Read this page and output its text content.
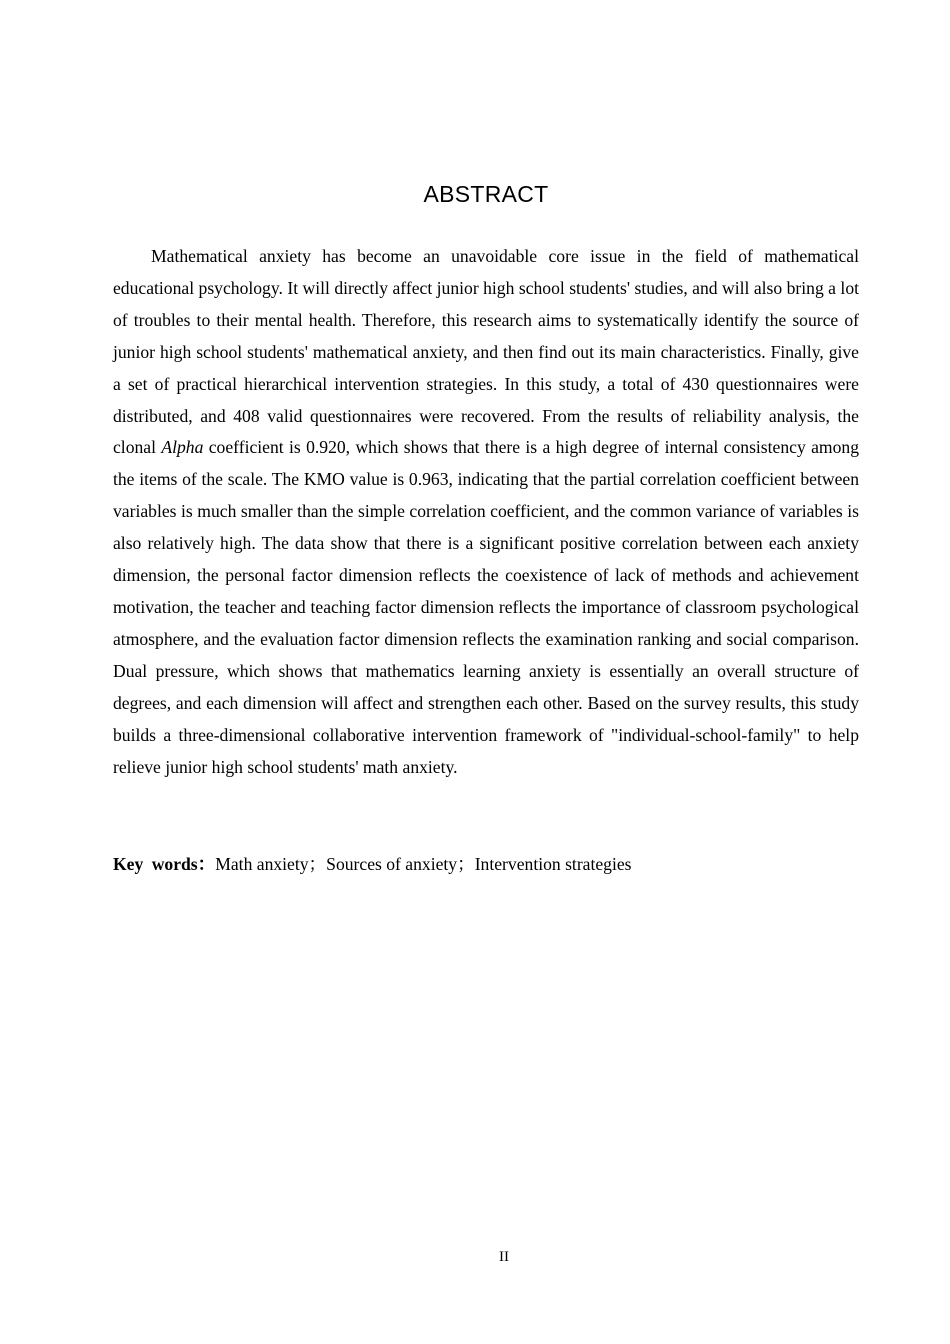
ABSTRACT

Mathematical anxiety has become an unavoidable core issue in the field of mathematical educational psychology. It will directly affect junior high school students' studies, and will also bring a lot of troubles to their mental health. Therefore, this research aims to systematically identify the source of junior high school students' mathematical anxiety, and then find out its main characteristics. Finally, give a set of practical hierarchical intervention strategies. In this study, a total of 430 questionnaires were distributed, and 408 valid questionnaires were recovered. From the results of reliability analysis, the clonal Alpha coefficient is 0.920, which shows that there is a high degree of internal consistency among the items of the scale. The KMO value is 0.963, indicating that the partial correlation coefficient between variables is much smaller than the simple correlation coefficient, and the common variance of variables is also relatively high. The data show that there is a significant positive correlation between each anxiety dimension, the personal factor dimension reflects the coexistence of lack of methods and achievement motivation, the teacher and teaching factor dimension reflects the importance of classroom psychological atmosphere, and the evaluation factor dimension reflects the examination ranking and social comparison. Dual pressure, which shows that mathematics learning anxiety is essentially an overall structure of degrees, and each dimension will affect and strengthen each other. Based on the survey results, this study builds a three-dimensional collaborative intervention framework of "individual-school-family" to help relieve junior high school students' math anxiety.

Key words：Math anxiety；Sources of anxiety；Intervention strategies
II
